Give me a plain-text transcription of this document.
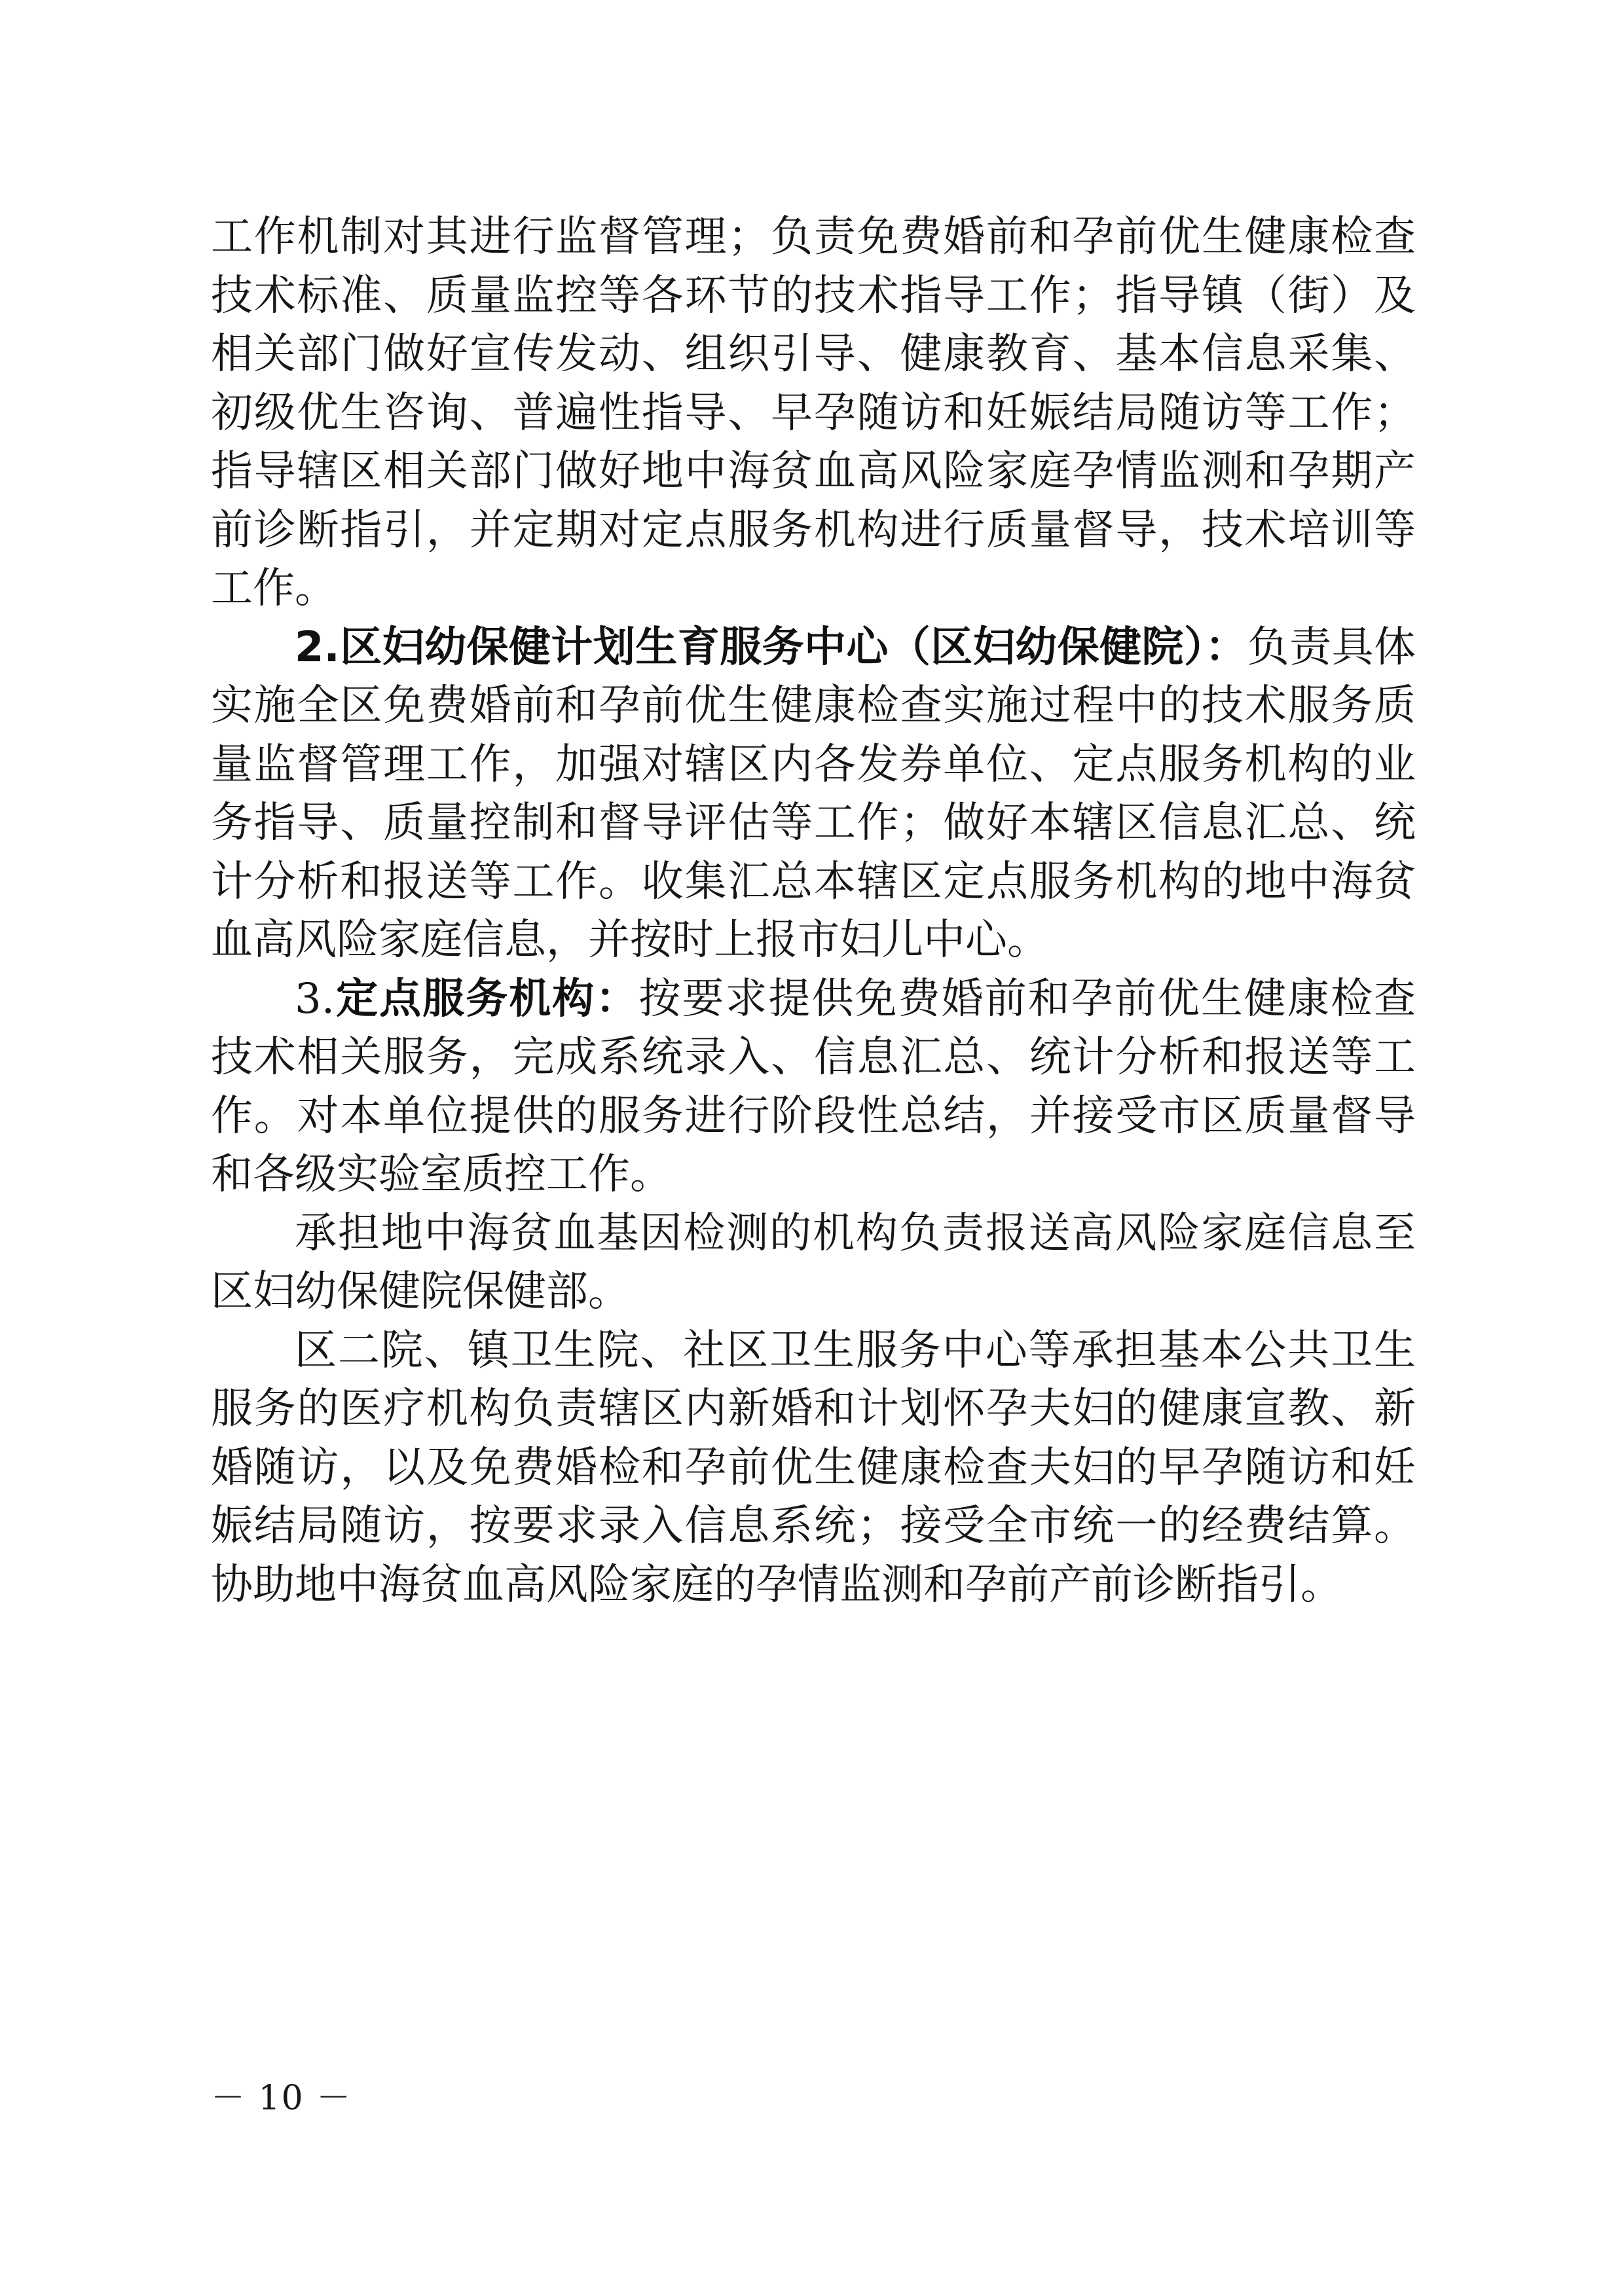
工作机制对其进行监督管理；负责免费婚前和孕前优生健康检查技术标准、质量监控等各环节的技术指导工作；指导镇（街）及相关部门做好宣传发动、组织引导、健康教育、基本信息采集、初级优生咨询、普遍性指导、早孕随访和妊娠结局随访等工作；指导辖区相关部门做好地中海贫血高风险家庭孕情监测和孕期产前诊断指引，并定期对定点服务机构进行质量督导，技术培训等工作。

2.区妇幼保健计划生育服务中心（区妇幼保健院）：负责具体实施全区免费婚前和孕前优生健康检查实施过程中的技术服务质量监督管理工作，加强对辖区内各发券单位、定点服务机构的业务指导、质量控制和督导评估等工作；做好本辖区信息汇总、统计分析和报送等工作。收集汇总本辖区定点服务机构的地中海贫血高风险家庭信息，并按时上报市妇儿中心。

3.定点服务机构：按要求提供免费婚前和孕前优生健康检查技术相关服务，完成系统录入、信息汇总、统计分析和报送等工作。对本单位提供的服务进行阶段性总结，并接受市区质量督导和各级实验室质控工作。

承担地中海贫血基因检测的机构负责报送高风险家庭信息至区妇幼保健院保健部。

区二院、镇卫生院、社区卫生服务中心等承担基本公共卫生服务的医疗机构负责辖区内新婚和计划怀孕夫妇的健康宣教、新婚随访，以及免费婚检和孕前优生健康检查夫妇的早孕随访和妊娠结局随访，按要求录入信息系统；接受全市统一的经费结算。协助地中海贫血高风险家庭的孕情监测和孕前产前诊断指引。

－ 10 －
